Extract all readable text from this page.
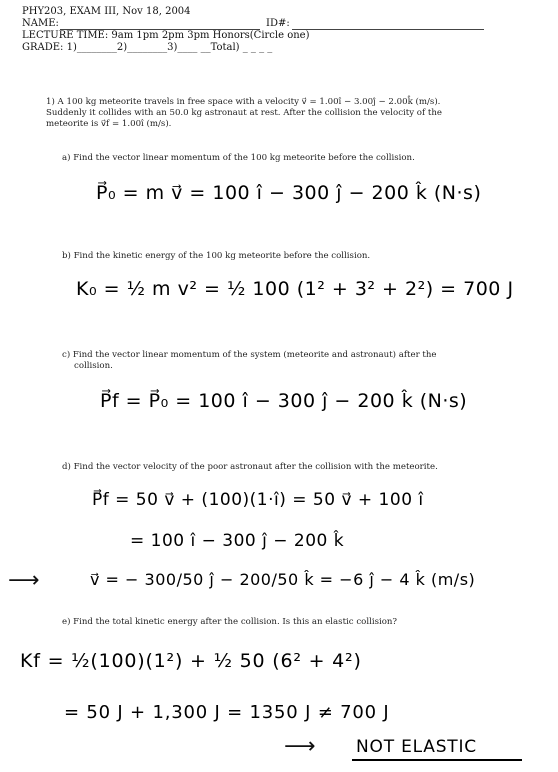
PHY203, EXAM III, Nov 18, 2004
NAME:	ID#:
LECTURE TIME: 9am 1pm 2pm 3pm Honors(Circle one)
GRADE: 1)________2)________3)____ __Total) _ _ _ _
1) A 100 kg meteorite travels in free space with a velocity v⃗ = 1.00î − 3.00ĵ − 2.00k̂ (m/s).
Suddenly it collides with an 50.0 kg astronaut at rest. After the collision the velocity of the
meteorite is v⃗f = 1.00î (m/s).
a) Find the vector linear momentum of the 100 kg meteorite before the collision.
P⃗₀ = m v⃗ = 100 î − 300 ĵ − 200 k̂ (N·s)
b) Find the kinetic energy of the 100 kg meteorite before the collision.
K₀ = ½ m v² = ½ 100 (1² + 3² + 2²) = 700 J
c) Find the vector linear momentum of the system (meteorite and astronaut) after the
collision.
P⃗f = P⃗₀ = 100 î − 300 ĵ − 200 k̂ (N·s)
d) Find the vector velocity of the poor astronaut after the collision with the meteorite.
P⃗f = 50 v⃗ + (100)(1·î) = 50 v⃗ + 100 î
= 100 î − 300 ĵ − 200 k̂
⟶	v⃗ = − 300/50 ĵ − 200/50 k̂ = −6 ĵ − 4 k̂ (m/s)
e) Find the total kinetic energy after the collision. Is this an elastic collision?
Kf = ½(100)(1²) + ½ 50 (6² + 4²)
= 50 J + 1,300 J = 1350 J ≠ 700 J
⟶ NOT ELASTIC
